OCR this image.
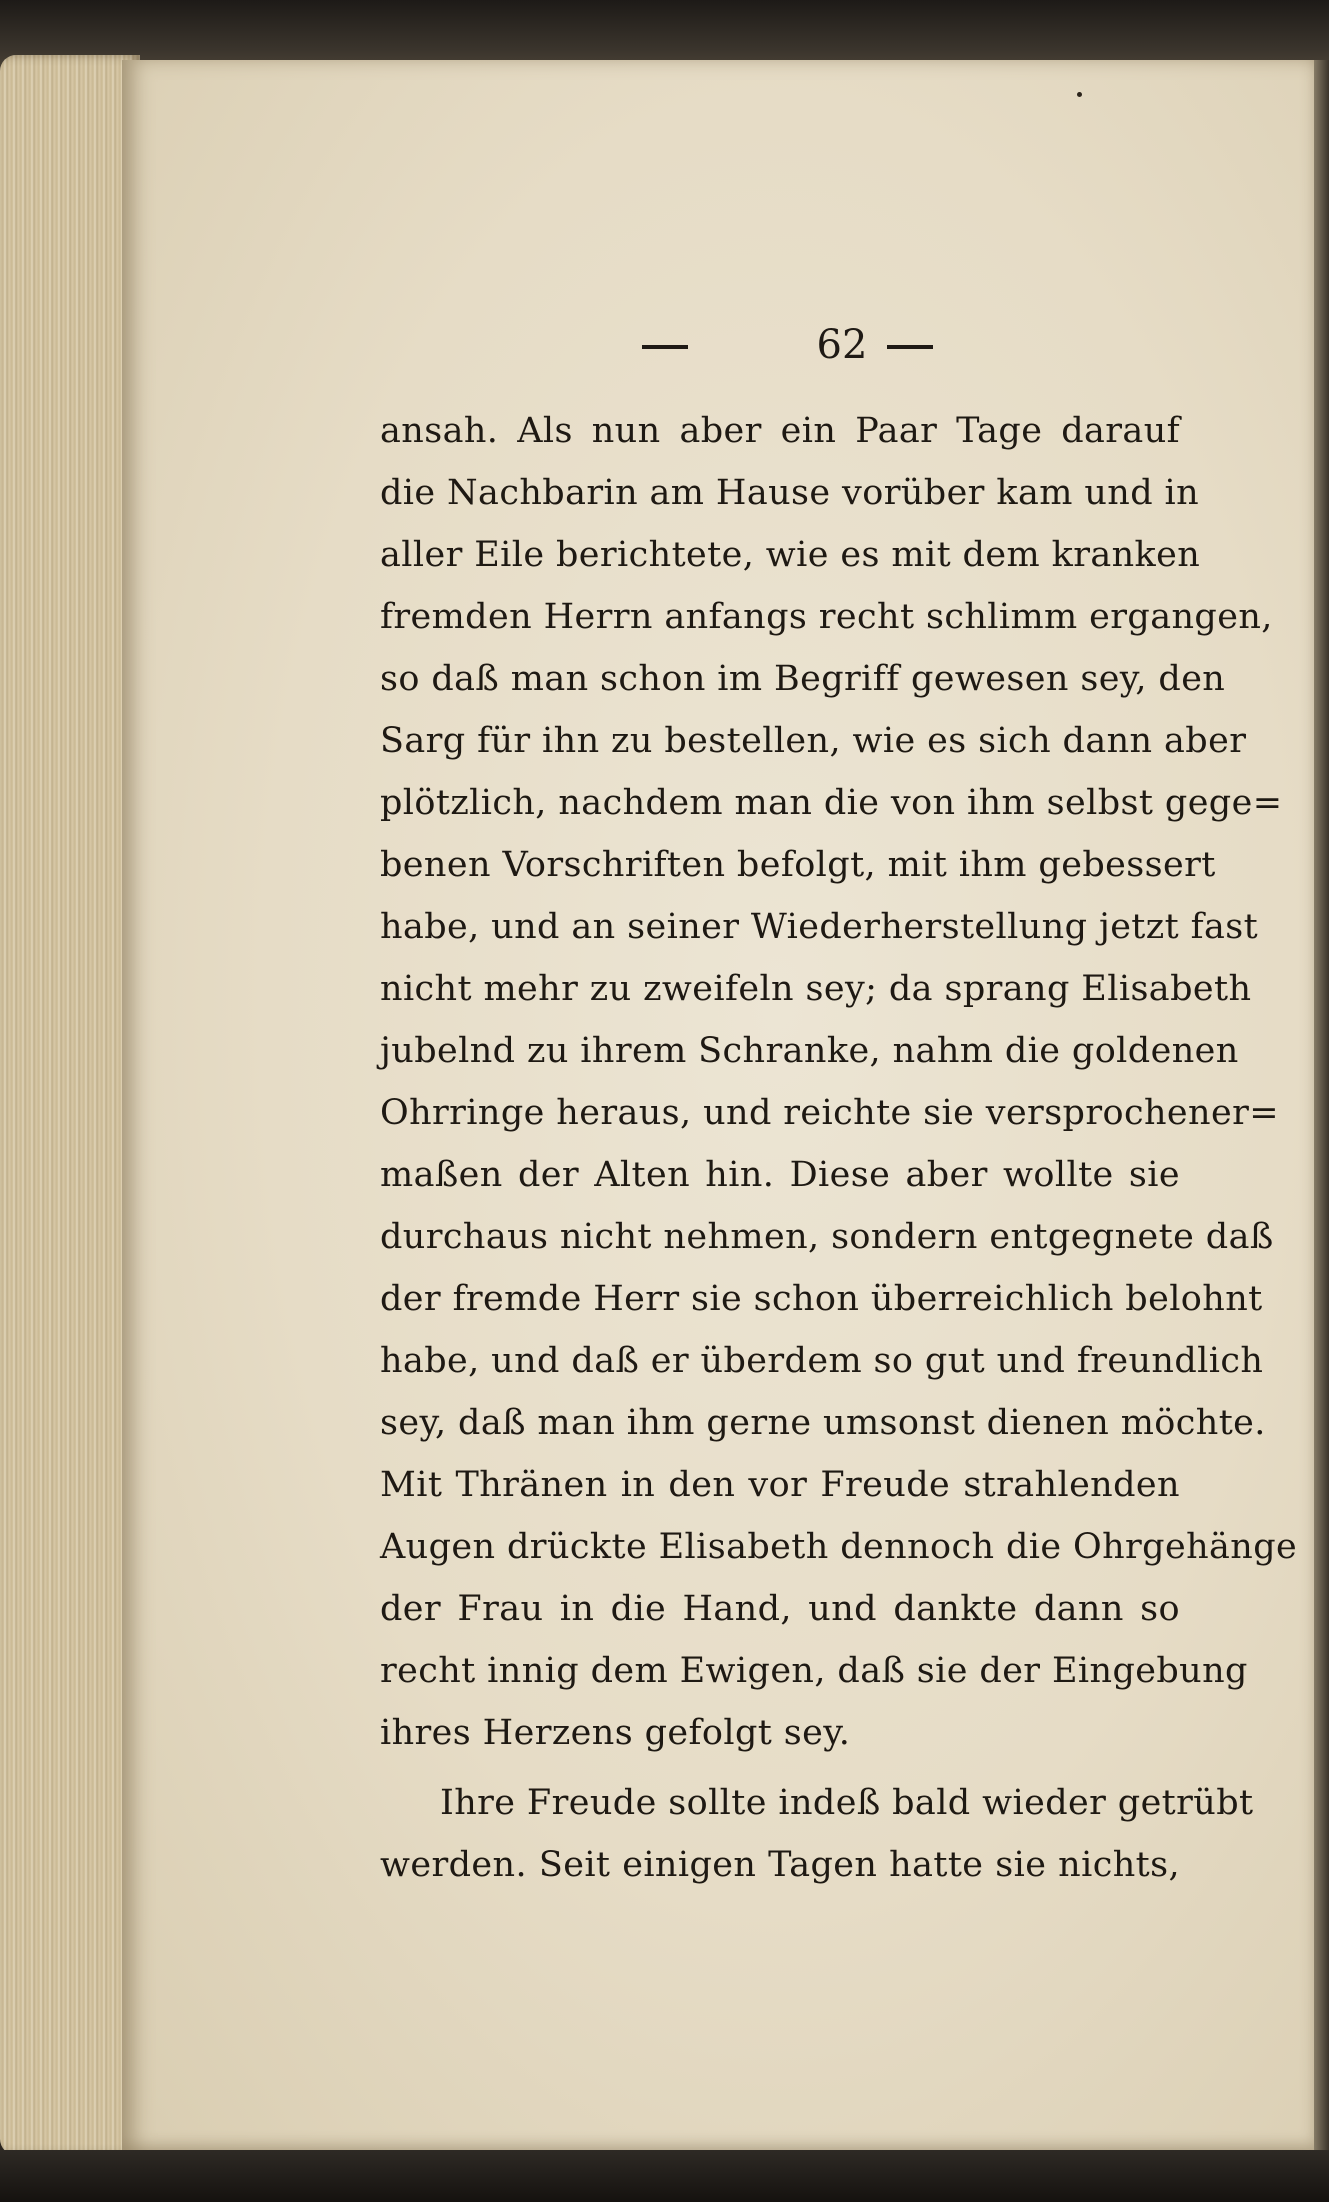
62
ansah. Als nun aber ein Paar Tage darauf
die Nachbarin am Hause vorüber kam und in
aller Eile berichtete, wie es mit dem kranken
fremden Herrn anfangs recht schlimm ergangen,
so daß man schon im Begriff gewesen sey, den
Sarg für ihn zu bestellen, wie es sich dann aber
plötzlich, nachdem man die von ihm selbst gege=
benen Vorschriften befolgt, mit ihm gebessert
habe, und an seiner Wiederherstellung jetzt fast
nicht mehr zu zweifeln sey; da sprang Elisabeth
jubelnd zu ihrem Schranke, nahm die goldenen
Ohrringe heraus, und reichte sie versprochener=
maßen der Alten hin. Diese aber wollte sie
durchaus nicht nehmen, sondern entgegnete daß
der fremde Herr sie schon überreichlich belohnt
habe, und daß er überdem so gut und freundlich
sey, daß man ihm gerne umsonst dienen möchte.
Mit Thränen in den vor Freude strahlenden
Augen drückte Elisabeth dennoch die Ohrgehänge
der Frau in die Hand, und dankte dann so
recht innig dem Ewigen, daß sie der Eingebung
ihres Herzens gefolgt sey.
Ihre Freude sollte indeß bald wieder getrübt
werden. Seit einigen Tagen hatte sie nichts,
